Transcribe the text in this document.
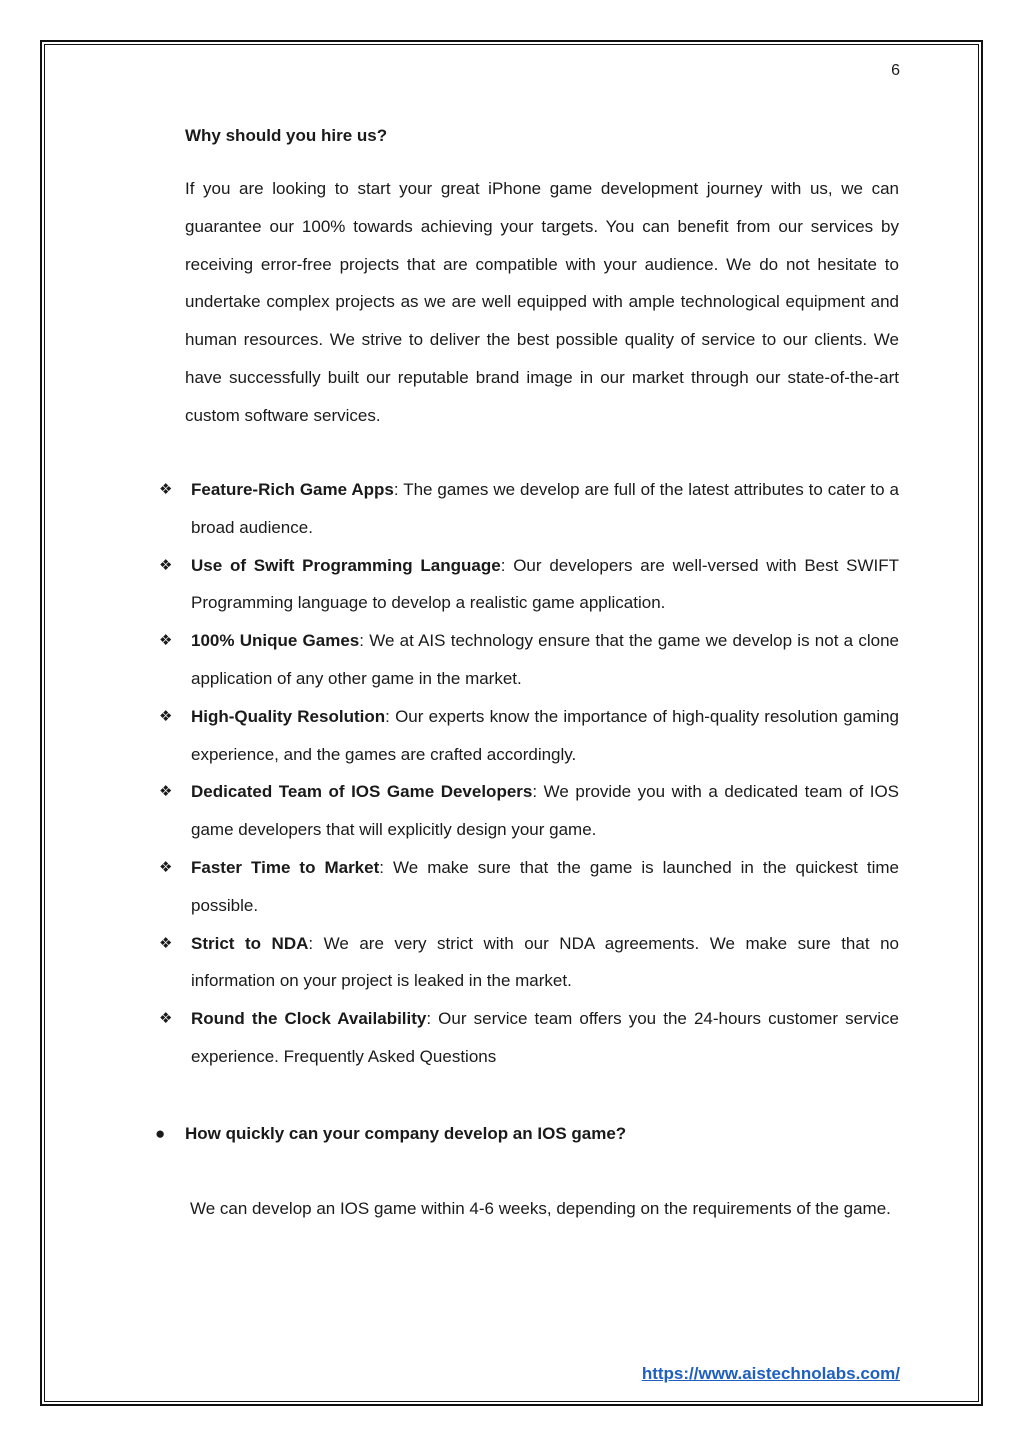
6
Why should you hire us?

If you are looking to start your great iPhone game development journey with us, we can guarantee our 100% towards achieving your targets. You can benefit from our services by receiving error-free projects that are compatible with your audience. We do not hesitate to undertake complex projects as we are well equipped with ample technological equipment and human resources. We strive to deliver the best possible quality of service to our clients. We have successfully built our reputable brand image in our market through our state-of-the-art custom software services.

❖ Feature-Rich Game Apps: The games we develop are full of the latest attributes to cater to a broad audience.
❖ Use of Swift Programming Language: Our developers are well-versed with Best SWIFT Programming language to develop a realistic game application.
❖ 100% Unique Games: We at AIS technology ensure that the game we develop is not a clone application of any other game in the market.
❖ High-Quality Resolution: Our experts know the importance of high-quality resolution gaming experience, and the games are crafted accordingly.
❖ Dedicated Team of IOS Game Developers: We provide you with a dedicated team of IOS game developers that will explicitly design your game.
❖ Faster Time to Market: We make sure that the game is launched in the quickest time possible.
❖ Strict to NDA: We are very strict with our NDA agreements. We make sure that no information on your project is leaked in the market.
❖ Round the Clock Availability: Our service team offers you the 24-hours customer service experience. Frequently Asked Questions
● How quickly can your company develop an IOS game?

We can develop an IOS game within 4-6 weeks, depending on the requirements of the game.

https://www.aistechnolabs.com/
